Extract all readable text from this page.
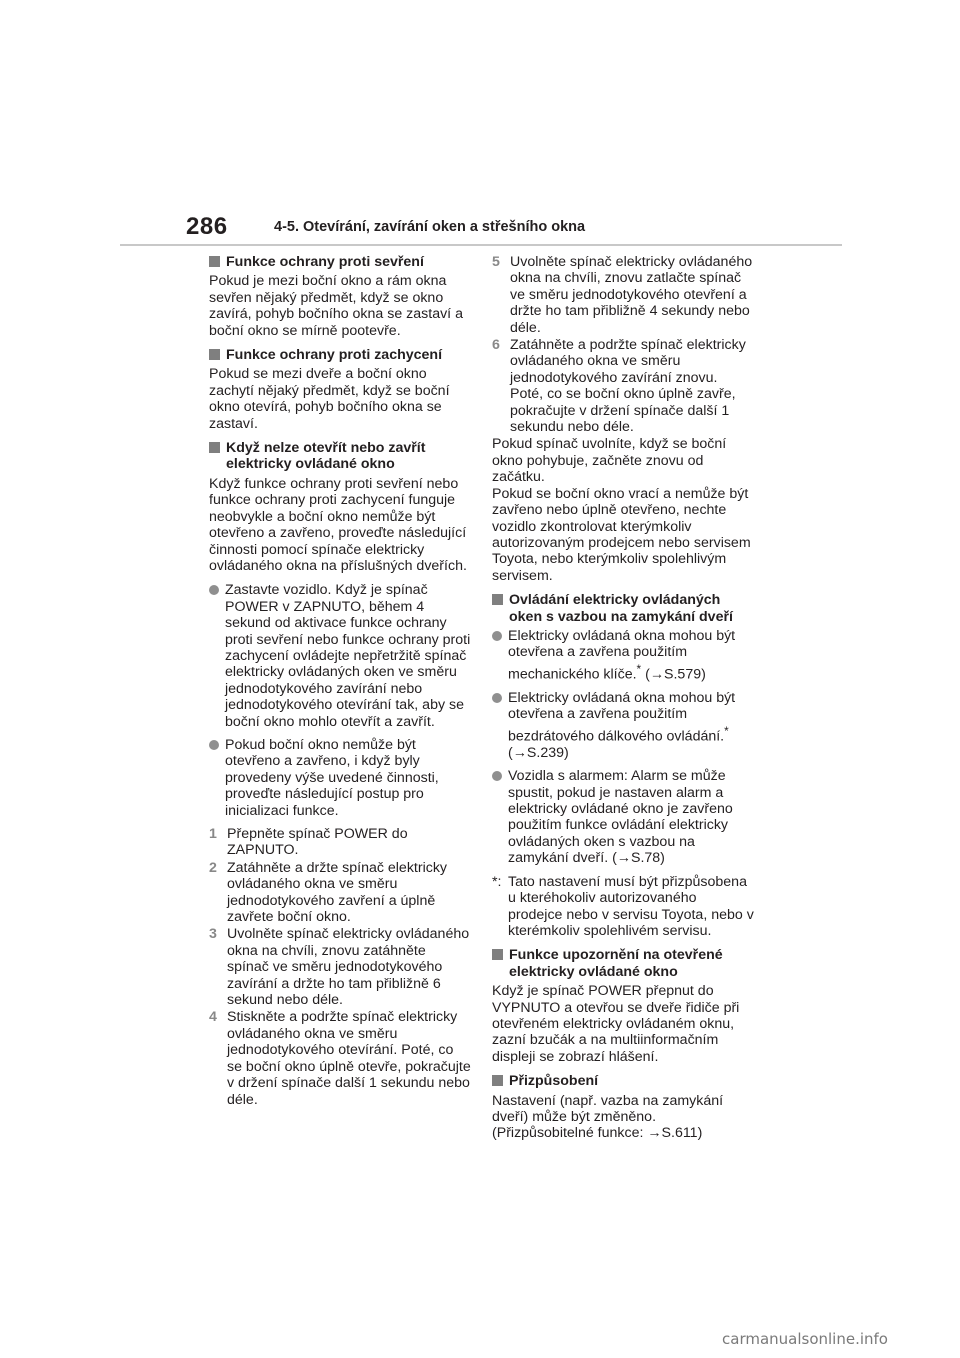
286	4-5. Otevírání, zavírání oken a střešního okna
Funkce ochrany proti sevření

Pokud je mezi boční okno a rám okna sevřen nějaký předmět, když se okno zavírá, pohyb bočního okna se zastaví a boční okno se mírně pootevře.

Funkce ochrany proti zachycení

Pokud se mezi dveře a boční okno zachytí nějaký předmět, když se boční okno otevírá, pohyb bočního okna se zastaví.

Když nelze otevřít nebo zavřít elektricky ovládané okno

Když funkce ochrany proti sevření nebo funkce ochrany proti zachycení funguje neobvykle a boční okno nemůže být otevřeno a zavřeno, proveďte následující činnosti pomocí spínače elektricky ovládaného okna na příslušných dveřích.

Zastavte vozidlo. Když je spínač POWER v ZAPNUTO, během 4 sekund od aktivace funkce ochrany proti sevření nebo funkce ochrany proti zachycení ovládejte nepřetržitě spínač elektricky ovládaných oken ve směru jednodotykového zavírání nebo jednodotykového otevírání tak, aby se boční okno mohlo otevřít a zavřít.
Pokud boční okno nemůže být otevřeno a zavřeno, i když byly provedeny výše uvedené činnosti, proveďte následující postup pro inicializaci funkce.
1 Přepněte spínač POWER do ZAPNUTO.
2 Zatáhněte a držte spínač elektricky ovládaného okna ve směru jednodotykového zavření a úplně zavřete boční okno.
3 Uvolněte spínač elektricky ovládaného okna na chvíli, znovu zatáhněte spínač ve směru jednodotykového zavírání a držte ho tam přibližně 6 sekund nebo déle.
4 Stiskněte a podržte spínač elektricky ovládaného okna ve směru jednodotykového otevírání. Poté, co se boční okno úplně otevře, pokračujte v držení spínače další 1 sekundu nebo déle.
5 Uvolněte spínač elektricky ovládaného okna na chvíli, znovu zatlačte spínač ve směru jednodotykového otevření a držte ho tam přibližně 4 sekundy nebo déle.
6 Zatáhněte a podržte spínač elektricky ovládaného okna ve směru jednodotykového zavírání znovu. Poté, co se boční okno úplně zavře, pokračujte v držení spínače další 1 sekundu nebo déle.

Pokud spínač uvolníte, když se boční okno pohybuje, začněte znovu od začátku.

Pokud se boční okno vrací a nemůže být zavřeno nebo úplně otevřeno, nechte vozidlo zkontrolovat kterýmkoliv autorizovaným prodejcem nebo servisem Toyota, nebo kterýmkoliv spolehlivým servisem.

Ovládání elektricky ovládaných oken s vazbou na zamykání dveří
Elektricky ovládaná okna mohou být otevřena a zavřena použitím mechanického klíče.* (→S.579)
Elektricky ovládaná okna mohou být otevřena a zavřena použitím bezdrátového dálkového ovládání.*
(→S.239)
Vozidla s alarmem: Alarm se může spustit, pokud je nastaven alarm a elektricky ovládané okno je zavřeno použitím funkce ovládání elektricky ovládaných oken s vazbou na zamykání dveří. (→S.78)
*: Tato nastavení musí být přizpůsobena u kteréhokoliv autorizovaného prodejce nebo v servisu Toyota, nebo v kterémkoliv spolehlivém servisu.
Funkce upozornění na otevřené elektricky ovládané okno

Když je spínač POWER přepnut do VYPNUTO a otevřou se dveře řidiče při otevřeném elektricky ovládaném oknu, zazní bzučák a na multiinformačním displeji se zobrazí hlášení.

Přizpůsobení

Nastavení (např. vazba na zamykání dveří) může být změněno.

(Přizpůsobitelné funkce: →S.611)

carmanualsonline.info
